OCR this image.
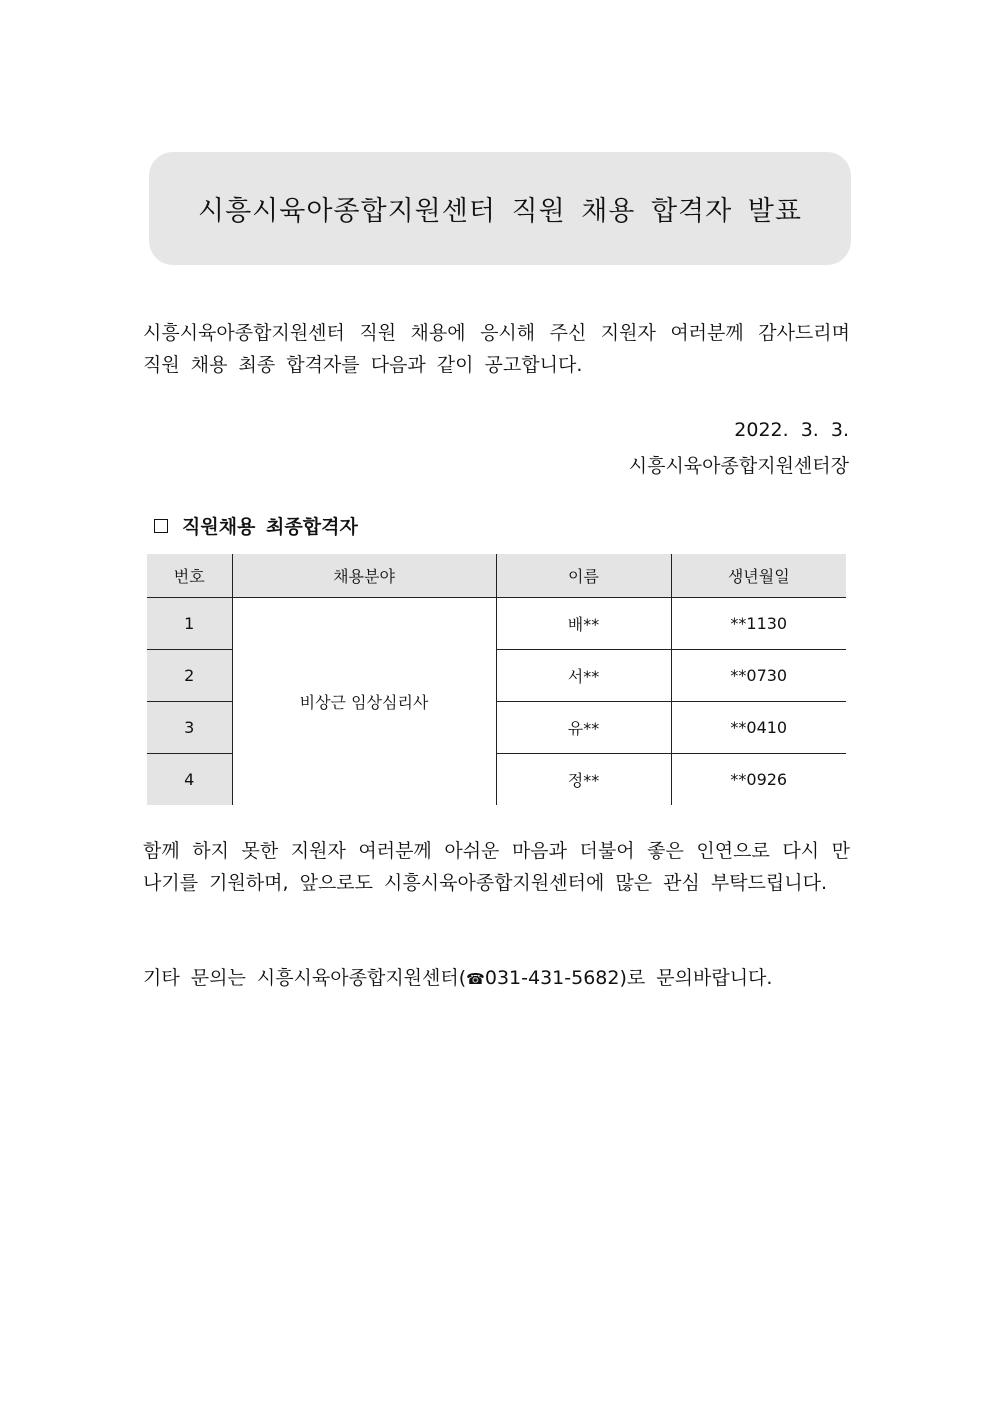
시흥시육아종합지원센터 직원 채용 합격자 발표

시흥시육아종합지원센터 직원 채용에 응시해 주신 지원자 여러분께 감사드리며 직원 채용 최종 합격자를 다음과 같이 공고합니다.

2022. 3. 3.
시흥시육아종합지원센터장
직원채용 최종합격자
번호	채용분야	이름	생년월일
1	비상근 임상심리사	배**	**1130
2		서**	**0730
3		유**	**0410
4		정**	**0926

함께 하지 못한 지원자 여러분께 아쉬운 마음과 더불어 좋은 인연으로 다시 만나기를 기원하며, 앞으로도 시흥시육아종합지원센터에 많은 관심 부탁드립니다.

기타 문의는 시흥시육아종합지원센터(☎031-431-5682)로 문의바랍니다.
